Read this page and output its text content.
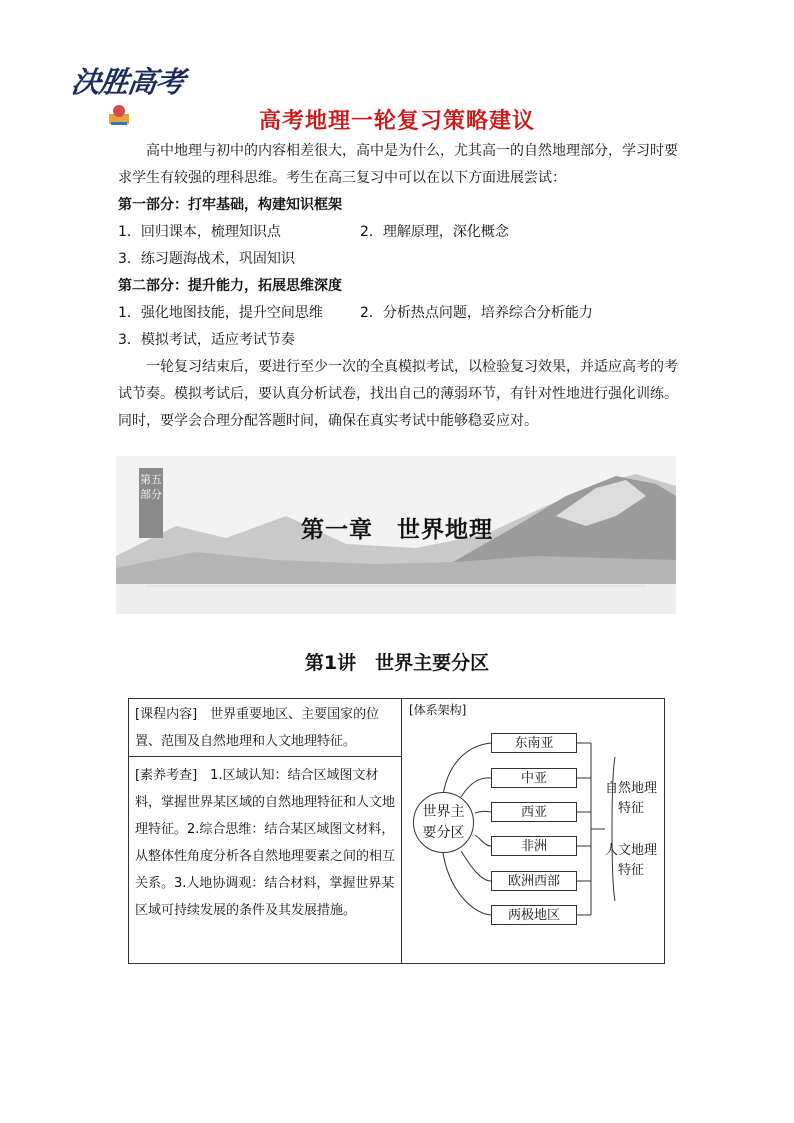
決胜高考
高考地理一轮复习策略建议
高中地理与初中的内容相差很大，高中是为什么，尤其高一的自然地理部分，学习时要求学生有较强的理科思维。考生在高三复习中可以在以下方面进展尝试：
第一部分：打牢基础，构建知识框架
1．回归课本，梳理知识点	2．理解原理，深化概念
3．练习题海战术，巩固知识
第二部分：提升能力，拓展思维深度
1．强化地图技能，提升空间思维	2．分析热点问题，培养综合分析能力
3．模拟考试，适应考试节奏
一轮复习结束后，要进行至少一次的全真模拟考试，以检验复习效果，并适应高考的考试节奏。模拟考试后，要认真分析试卷，找出自己的薄弱环节，有针对性地进行强化训练。同时，要学会合理分配答题时间，确保在真实考试中能够稳妥应对。
第五部分
第一章　世界地理
第1讲　世界主要分区
[课程内容]　世界重要地区、主要国家的位置、范围及自然地理和人文地理特征。
[素养考查]　1.区域认知：结合区域图文材料，掌握世界某区域的自然地理特征和人文地理特征。2.综合思维：结合某区域图文材料，从整体性角度分析各自然地理要素之间的相互关系。3.人地协调观：结合材料，掌握世界某区域可持续发展的条件及其发展措施。
[体系架构]
世界主要分区
东南亚
中亚
西亚
非洲
欧洲西部
两极地区
自然地理特征
人文地理特征
